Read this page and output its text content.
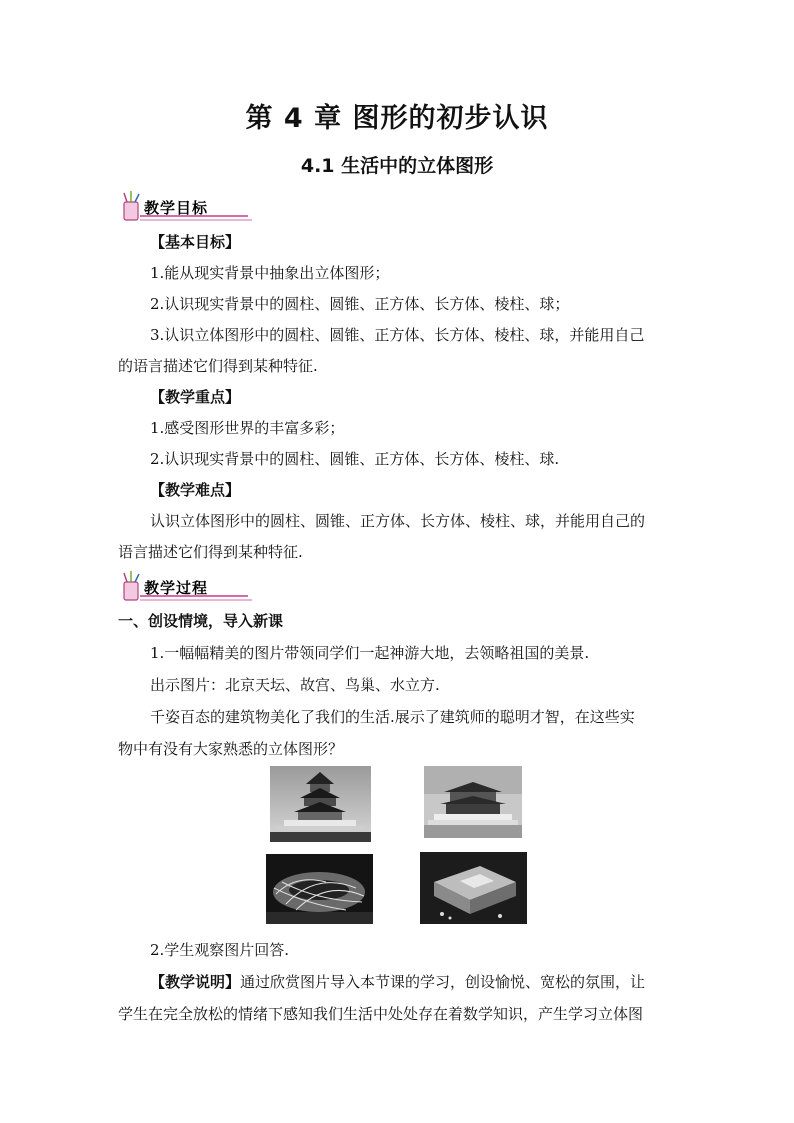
第 4 章 图形的初步认识
4.1 生活中的立体图形
教学目标
【基本目标】
1.能从现实背景中抽象出立体图形；
2.认识现实背景中的圆柱、圆锥、正方体、长方体、棱柱、球；
3.认识立体图形中的圆柱、圆锥、正方体、长方体、棱柱、球，并能用自己
的语言描述它们得到某种特征.
【教学重点】
1.感受图形世界的丰富多彩；
2.认识现实背景中的圆柱、圆锥、正方体、长方体、棱柱、球.
【教学难点】
认识立体图形中的圆柱、圆锥、正方体、长方体、棱柱、球，并能用自己的
语言描述它们得到某种特征.
教学过程
一、创设情境，导入新课
1.一幅幅精美的图片带领同学们一起神游大地，去领略祖国的美景.
出示图片：北京天坛、故宫、鸟巢、水立方.
千姿百态的建筑物美化了我们的生活.展示了建筑师的聪明才智，在这些实
物中有没有大家熟悉的立体图形？
2.学生观察图片回答.
【教学说明】通过欣赏图片导入本节课的学习，创设愉悦、宽松的氛围，让
学生在完全放松的情绪下感知我们生活中处处存在着数学知识，产生学习立体图
